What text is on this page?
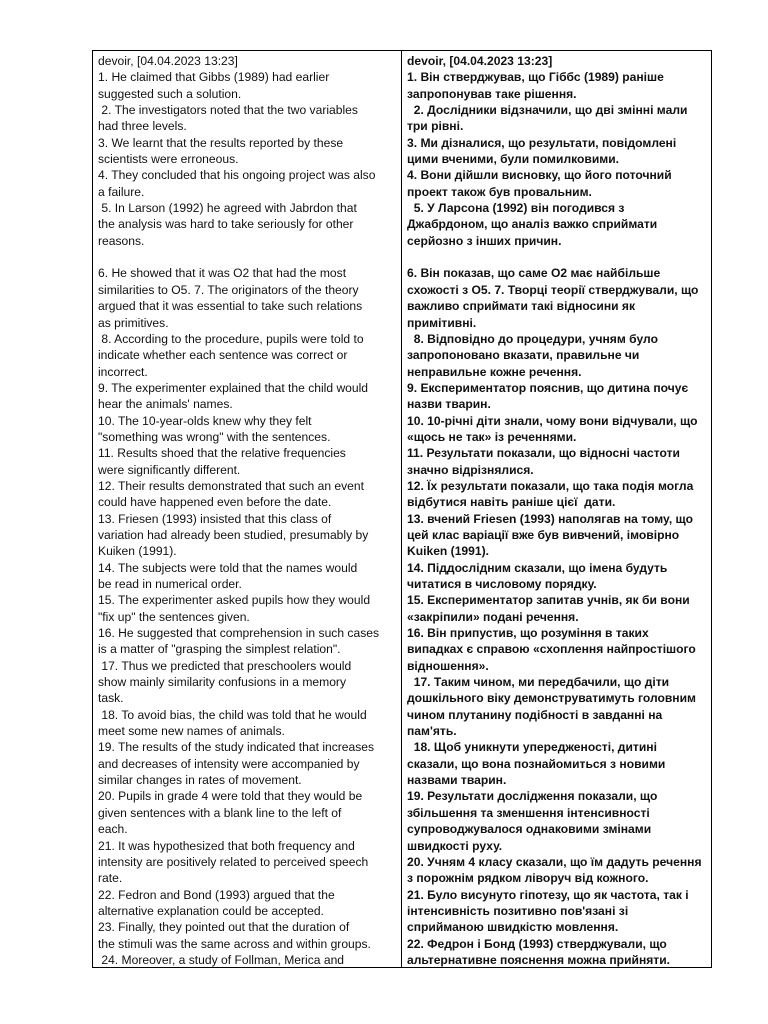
devoir, [04.04.2023 13:23]
1. He claimed that Gibbs (1989) had earlier
suggested such a solution.
2. The investigators noted that the two variables
had three levels.
3. We learnt that the results reported by these
scientists were erroneous.
4. They concluded that his ongoing project was also
a failure.
5. In Larson (1992) he agreed with Jabrdon that
the analysis was hard to take seriously for other
reasons.
6. He showed that it was O2 that had the most
similarities to O5. 7. The originators of the theory
argued that it was essential to take such relations
as primitives.
8. According to the procedure, pupils were told to
indicate whether each sentence was correct or
incorrect.
9. The experimenter explained that the child would
hear the animals' names.
10. The 10-year-olds knew why they felt
"something was wrong" with the sentences.
11. Results shoed that the relative frequencies
were significantly different.
12. Their results demonstrated that such an event
could have happened even before the date.
13. Friesen (1993) insisted that this class of
variation had already been studied, presumably by
Kuiken (1991).
14. The subjects were told that the names would
be read in numerical order.
15. The experimenter asked pupils how they would
"fix up" the sentences given.
16. He suggested that comprehension in such cases
is a matter of "grasping the simplest relation".
17. Thus we predicted that preschoolers would
show mainly similarity confusions in a memory
task.
18. To avoid bias, the child was told that he would
meet some new names of animals.
19. The results of the study indicated that increases
and decreases of intensity were accompanied by
similar changes in rates of movement.
20. Pupils in grade 4 were told that they would be
given sentences with a blank line to the left of
each.
21. It was hypothesized that both frequency and
intensity are positively related to perceived speech
rate.
22. Fedron and Bond (1993) argued that the
alternative explanation could be accepted.
23. Finally, they pointed out that the duration of
the stimuli was the same across and within groups.
24. Moreover, a study of Follman, Merica and
devoir, [04.04.2023 13:23]
1. Він стверджував, що Гіббс (1989) раніше
запропонував таке рішення.
2. Дослідники відзначили, що дві змінні мали
три рівні.
3. Ми дізналися, що результати, повідомлені
цими вченими, були помилковими.
4. Вони дійшли висновку, що його поточний
проект також був провальним.
5. У Ларсона (1992) він погодився з
Джабрдоном, що аналіз важко сприймати
серйозно з інших причин.
6. Він показав, що саме O2 має найбільше
схожості з O5. 7. Творці теорії стверджували, що
важливо сприймати такі відносини як
примітивні.
8. Відповідно до процедури, учням було
запропоновано вказати, правильне чи
неправильне кожне речення.
9. Експериментатор пояснив, що дитина почує
назви тварин.
10. 10-річні діти знали, чому вони відчували, що
«щось не так» із реченнями.
11. Результати показали, що відносні частоти
значно відрізнялися.
12. Їх результати показали, що така подія могла
відбутися навіть раніше цієї  дати.
13. вчений Friesen (1993) наполягав на тому, що
цей клас варіації вже був вивчений, імовірно
Kuiken (1991).
14. Піддослідним сказали, що імена будуть
читатися в числовому порядку.
15. Експериментатор запитав учнів, як би вони
«закріпили» подані речення.
16. Він припустив, що розуміння в таких
випадках є справою «схоплення найпростішого
відношення».
17. Таким чином, ми передбачили, що діти
дошкільного віку демонструватимуть головним
чином плутанину подібності в завданні на
пам'ять.
18. Щоб уникнути упередженості, дитині
сказали, що вона познайомиться з новими
назвами тварин.
19. Результати дослідження показали, що
збільшення та зменшення інтенсивності
супроводжувалося однаковими змінами
швидкості руху.
20. Учням 4 класу сказали, що їм дадуть речення
з порожнім рядком ліворуч від кожного.
21. Було висунуто гіпотезу, що як частота, так і
інтенсивність позитивно пов'язані зі
сприйманою швидкістю мовлення.
22. Федрон і Бонд (1993) стверджували, що
альтернативне пояснення можна прийняти.
